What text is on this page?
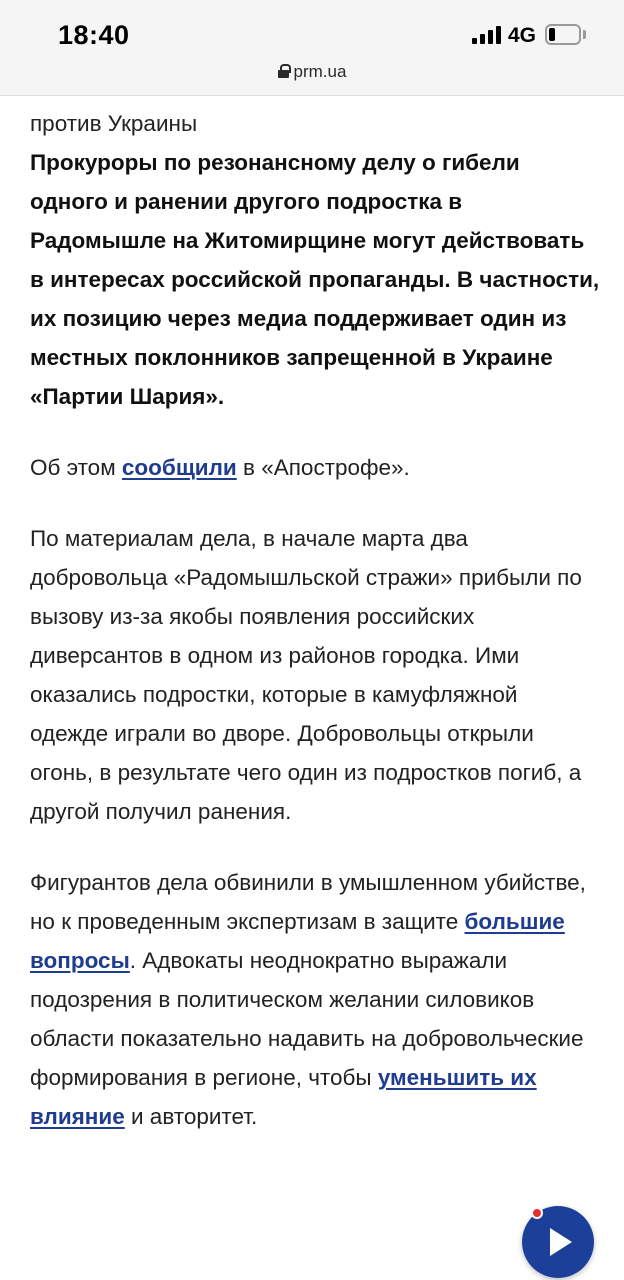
18:40	4G
prm.ua

против Украины

Прокуроры по резонансному делу о гибели одного и ранении другого подростка в Радомышле на Житомирщине могут действовать в интересах российской пропаганды. В частности, их позицию через медиа поддерживает один из местных поклонников запрещенной в Украине «Партии Шария».

Об этом сообщили в «Апострофе».

По материалам дела, в начале марта два добровольца «Радомышльской стражи» прибыли по вызову из-за якобы появления российских диверсантов в одном из районов городка. Ими оказались подростки, которые в камуфляжной одежде играли во дворе. Добровольцы открыли огонь, в результате чего один из подростков погиб, а другой получил ранения.

Фигурантов дела обвинили в умышленном убийстве, но к проведенным экспертизам в защите большие вопросы. Адвокаты неоднократно выражали подозрения в политическом желании силовиков области показательно надавить на добровольческие формирования в регионе, чтобы уменьшить их влияние и авторитет.
